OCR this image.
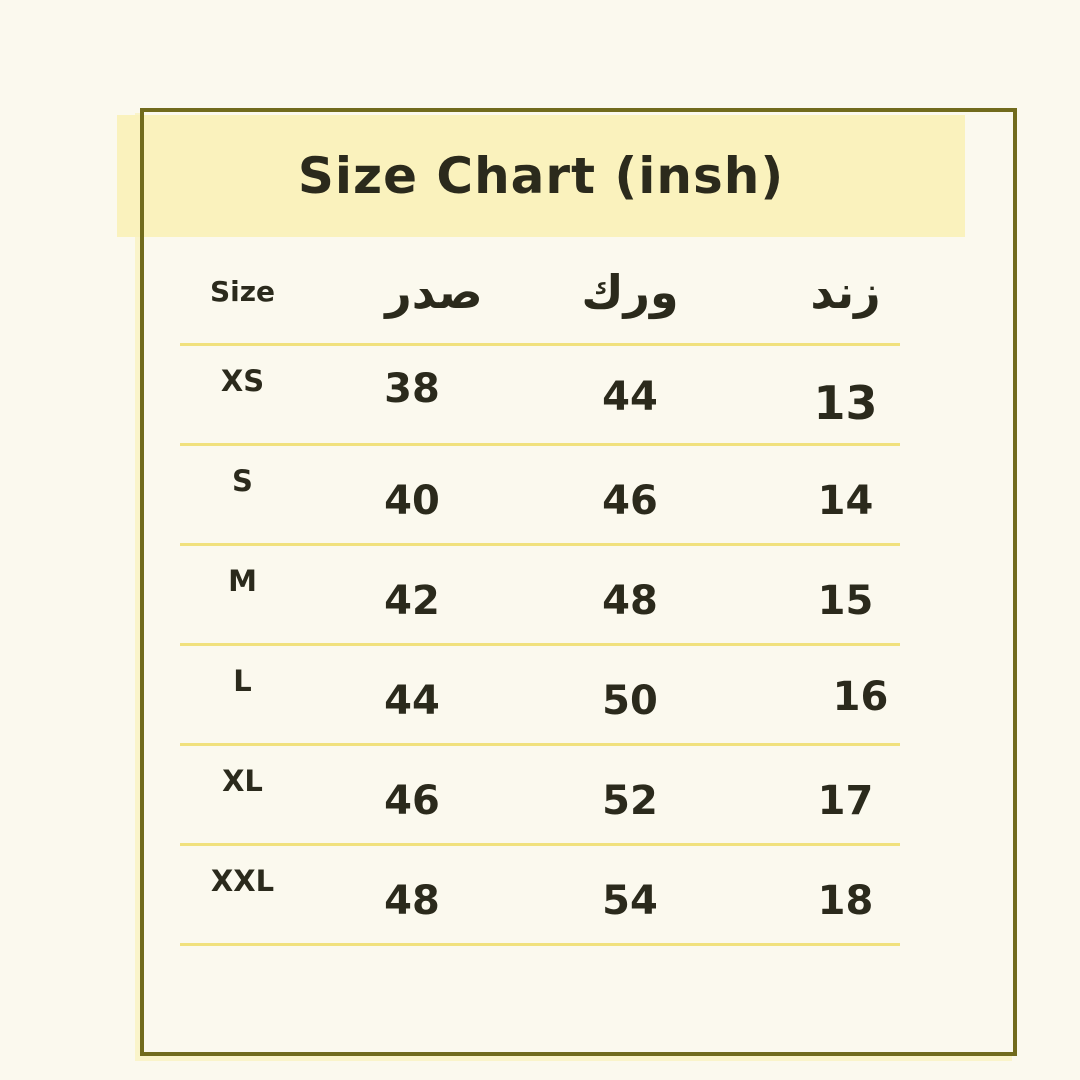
Size Chart (insh)
Size	صدر	ورك	زند
XS	38	44	13
S	40	46	14
M	42	48	15
L	44	50	16
XL	46	52	17
XXL	48	54	18
